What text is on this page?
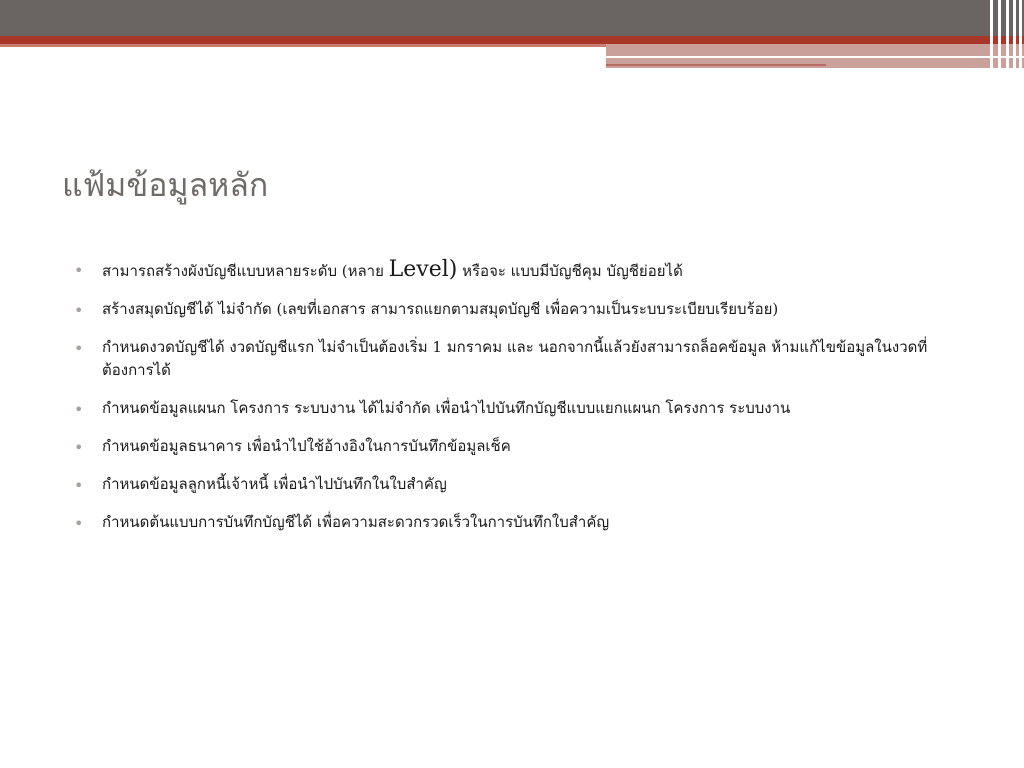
แฟ้มข้อมูลหลัก
• สามารถสร้างผังบัญชีแบบหลายระดับ (หลาย Level) หรือจะ แบบมีบัญชีคุม บัญชีย่อยได้
• สร้างสมุดบัญชีได้ ไม่จำกัด (เลขที่เอกสาร สามารถแยกตามสมุดบัญชี เพื่อความเป็นระบบระเบียบเรียบร้อย)
• กำหนดงวดบัญชีได้ งวดบัญชีแรก ไม่จำเป็นต้องเริ่ม 1 มกราคม และ นอกจากนี้แล้วยังสามารถล็อคข้อมูล ห้ามแก้ไขข้อมูลในงวดที่ต้องการได้
• กำหนดข้อมูลแผนก โครงการ ระบบงาน ได้ไม่จำกัด เพื่อนำไปบันทึกบัญชีแบบแยกแผนก โครงการ ระบบงาน
• กำหนดข้อมูลธนาคาร เพื่อนำไปใช้อ้างอิงในการบันทึกข้อมูลเช็ค
• กำหนดข้อมูลลูกหนี้เจ้าหนี้ เพื่อนำไปบันทึกในใบสำคัญ
• กำหนดต้นแบบการบันทึกบัญชีได้ เพื่อความสะดวกรวดเร็วในการบันทึกใบสำคัญ
